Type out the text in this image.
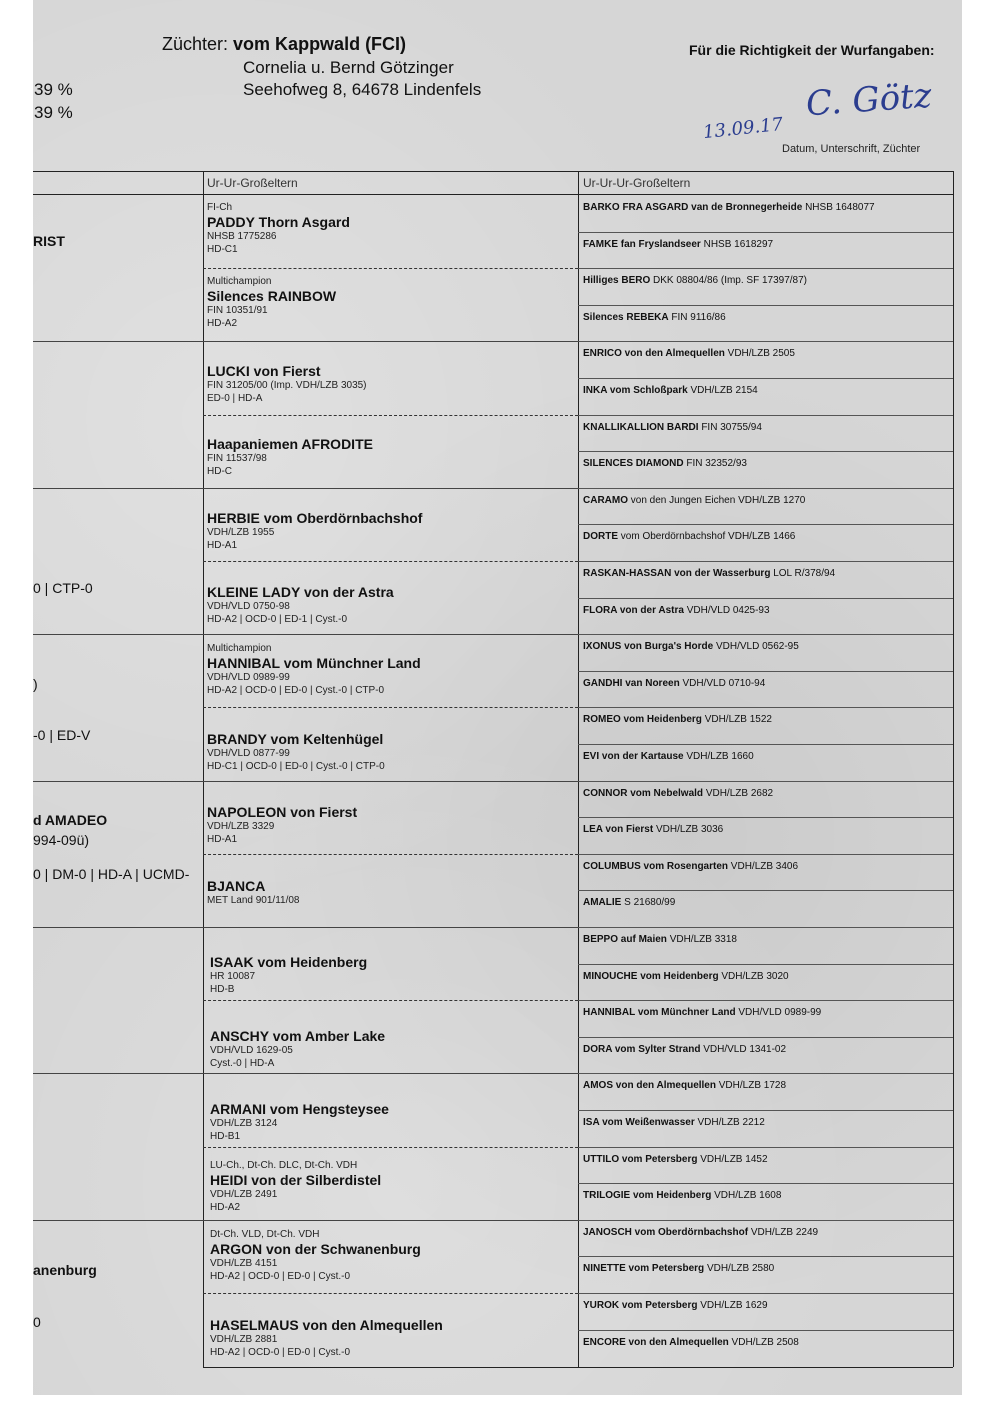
Züchter: vom Kappwald (FCI)
Cornelia u. Bernd Götzinger
Seehofweg 8, 64678 Lindenfels
39 %
39 %
Für die Richtigkeit der Wurfangaben:
C. Götz
13.09.17
Datum, Unterschrift, Züchter
Ur-Ur-Großeltern	Ur-Ur-Ur-Großeltern
RIST
0 | CTP-0
)
-0 | ED-V
d AMADEO
994-09ü)
0 | DM-0 | HD-A | UCMD-
anenburg
0
FI-Ch
PADDY Thorn Asgard
NHSB 1775286
HD-C1
Multichampion
Silences RAINBOW
FIN 10351/91
HD-A2
LUCKI von Fierst
FIN 31205/00 (Imp. VDH/LZB 3035)
ED-0 | HD-A
Haapaniemen AFRODITE
FIN 11537/98
HD-C
HERBIE vom Oberdörnbachshof
VDH/LZB 1955
HD-A1
KLEINE LADY von der Astra
VDH/VLD 0750-98
HD-A2 | OCD-0 | ED-1 | Cyst.-0
Multichampion
HANNIBAL vom Münchner Land
VDH/VLD 0989-99
HD-A2 | OCD-0 | ED-0 | Cyst.-0 | CTP-0
BRANDY vom Keltenhügel
VDH/VLD 0877-99
HD-C1 | OCD-0 | ED-0 | Cyst.-0 | CTP-0
NAPOLEON von Fierst
VDH/LZB 3329
HD-A1
BJANCA
MET Land 901/11/08
ISAAK vom Heidenberg
HR 10087
HD-B
ANSCHY vom Amber Lake
VDH/VLD 1629-05
Cyst.-0 | HD-A
ARMANI vom Hengsteysee
VDH/LZB 3124
HD-B1
LU-Ch., Dt-Ch. DLC, Dt-Ch. VDH
HEIDI von der Silberdistel
VDH/LZB 2491
HD-A2
Dt-Ch. VLD, Dt-Ch. VDH
ARGON von der Schwanenburg
VDH/LZB 4151
HD-A2 | OCD-0 | ED-0 | Cyst.-0
HASELMAUS von den Almequellen
VDH/LZB 2881
HD-A2 | OCD-0 | ED-0 | Cyst.-0
BARKO FRA ASGARD van de Bronnegerheide NHSB 1648077
FAMKE fan Fryslandseer NHSB 1618297
Hilliges BERO DKK 08804/86 (Imp. SF 17397/87)
Silences REBEKA FIN 9116/86
ENRICO von den Almequellen VDH/LZB 2505
INKA vom Schloßpark VDH/LZB 2154
KNALLIKALLION BARDI FIN 30755/94
SILENCES DIAMOND FIN 32352/93
CARAMO von den Jungen Eichen VDH/LZB 1270
DORTE vom Oberdörnbachshof VDH/LZB 1466
RASKAN-HASSAN von der Wasserburg LOL R/378/94
FLORA von der Astra VDH/VLD 0425-93
IXONUS von Burga's Horde VDH/VLD 0562-95
GANDHI van Noreen VDH/VLD 0710-94
ROMEO vom Heidenberg VDH/LZB 1522
EVI von der Kartause VDH/LZB 1660
CONNOR vom Nebelwald VDH/LZB 2682
LEA von Fierst VDH/LZB 3036
COLUMBUS vom Rosengarten VDH/LZB 3406
AMALIE S 21680/99
BEPPO auf Maien VDH/LZB 3318
MINOUCHE vom Heidenberg VDH/LZB 3020
HANNIBAL vom Münchner Land VDH/VLD 0989-99
DORA vom Sylter Strand VDH/VLD 1341-02
AMOS von den Almequellen VDH/LZB 1728
ISA vom Weißenwasser VDH/LZB 2212
UTTILO vom Petersberg VDH/LZB 1452
TRILOGIE vom Heidenberg VDH/LZB 1608
JANOSCH vom Oberdörnbachshof VDH/LZB 2249
NINETTE vom Petersberg VDH/LZB 2580
YUROK vom Petersberg VDH/LZB 1629
ENCORE von den Almequellen VDH/LZB 2508
